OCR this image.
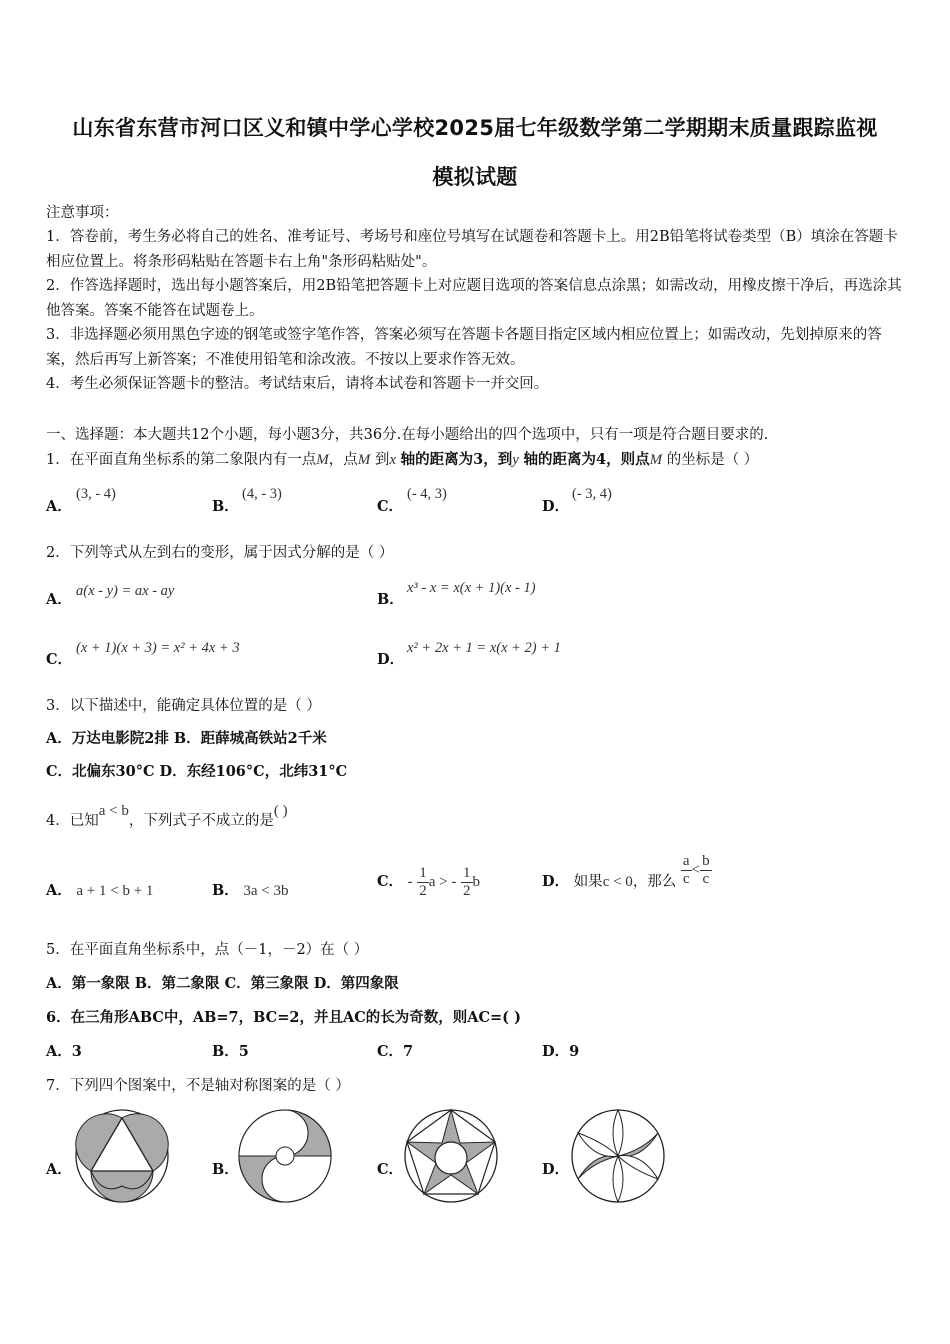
山东省东营市河口区义和镇中学心学校2025届七年级数学第二学期期末质量跟踪监视
模拟试题
注意事项：
1．答卷前，考生务必将自己的姓名、准考证号、考场号和座位号填写在试题卷和答题卡上。用2B铅笔将试卷类型（B）填涂在答题卡相应位置上。将条形码粘贴在答题卡右上角"条形码粘贴处"。
2．作答选择题时，选出每小题答案后，用2B铅笔把答题卡上对应题目选项的答案信息点涂黑；如需改动，用橡皮擦干净后，再选涂其他答案。答案不能答在试题卷上。
3．非选择题必须用黑色字迹的钢笔或签字笔作答，答案必须写在答题卡各题目指定区域内相应位置上；如需改动，先划掉原来的答案，然后再写上新答案；不准使用铅笔和涂改液。不按以上要求作答无效。
4．考生必须保证答题卡的整洁。考试结束后，请将本试卷和答题卡一并交回。
一、选择题：本大题共12个小题，每小题3分，共36分.在每小题给出的四个选项中，只有一项是符合题目要求的.
1．在平面直角坐标系的第二象限内有一点M，点M 到x 轴的距离为3，到y 轴的距离为4，则点M 的坐标是（ ）
A．
(3, - 4)
B．
(4, - 3)
C．
(- 4, 3)
D．
(- 3, 4)
2．下列等式从左到右的变形，属于因式分解的是（ ）
A． a(x - y) = ax - ay	B．
x³ - x = x(x + 1)(x - 1)
C．
(x + 1)(x + 3) = x² + 4x + 3
D．
x² + 2x + 1 = x(x + 2) + 1
3．以下描述中，能确定具体位置的是（ ）
A．万达电影院2排 B．距薛城高铁站2千米
C．北偏东30°C D．东经106°C，北纬31°C
4．已知a < b，下列式子不成立的是( )
A． a + 1 < b + 1	B． 3a < 3b
C． - $\frac{1}{2}$ a > - $\frac{1}{2}$ b	D． 如果c < 0，那么 $\frac{a}{c} < \frac{b}{c}$
5．在平面直角坐标系中，点（－1，－2）在（ ）
A．第一象限 B．第二象限 C．第三象限 D．第四象限
6．在三角形ABC中，AB=7，BC=2，并且AC的长为奇数，则AC=( )
A．3	B．5	C．7	D．9
7．下列四个图案中，不是轴对称图案的是（ ）
A．	B．	C．	D．
